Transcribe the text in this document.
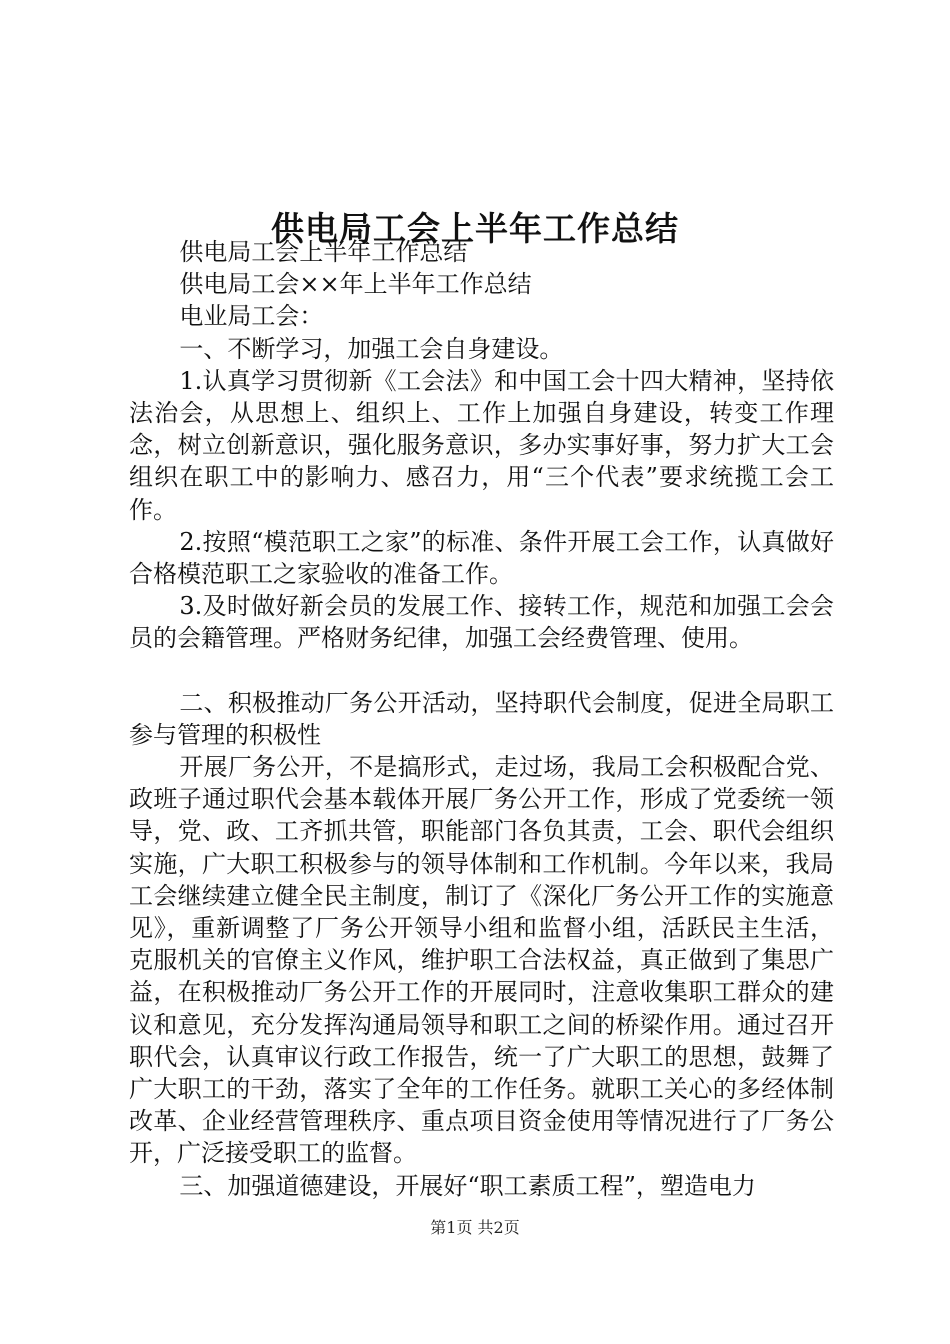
供电局工会上半年工作总结

供电局工会上半年工作总结

供电局工会××年上半年工作总结

电业局工会：

一、不断学习，加强工会自身建设。

1.认真学习贯彻新《工会法》和中国工会十四大精神，坚持依法治会，从思想上、组织上、工作上加强自身建设，转变工作理念，树立创新意识，强化服务意识，多办实事好事，努力扩大工会组织在职工中的影响力、感召力，用“三个代表”要求统揽工会工作。

2.按照“模范职工之家”的标准、条件开展工会工作，认真做好合格模范职工之家验收的准备工作。

3.及时做好新会员的发展工作、接转工作，规范和加强工会会员的会籍管理。严格财务纪律，加强工会经费管理、使用。

二、积极推动厂务公开活动，坚持职代会制度，促进全局职工参与管理的积极性

开展厂务公开，不是搞形式，走过场，我局工会积极配合党、政班子通过职代会基本载体开展厂务公开工作，形成了党委统一领导，党、政、工齐抓共管，职能部门各负其责，工会、职代会组织实施，广大职工积极参与的领导体制和工作机制。今年以来，我局工会继续建立健全民主制度，制订了《深化厂务公开工作的实施意见》，重新调整了厂务公开领导小组和监督小组，活跃民主生活，克服机关的官僚主义作风，维护职工合法权益，真正做到了集思广益，在积极推动厂务公开工作的开展同时，注意收集职工群众的建议和意见，充分发挥沟通局领导和职工之间的桥梁作用。通过召开职代会，认真审议行政工作报告，统一了广大职工的思想，鼓舞了广大职工的干劲，落实了全年的工作任务。就职工关心的多经体制改革、企业经营管理秩序、重点项目资金使用等情况进行了厂务公开，广泛接受职工的监督。

三、加强道德建设，开展好“职工素质工程”，塑造电力

第1页 共2页
